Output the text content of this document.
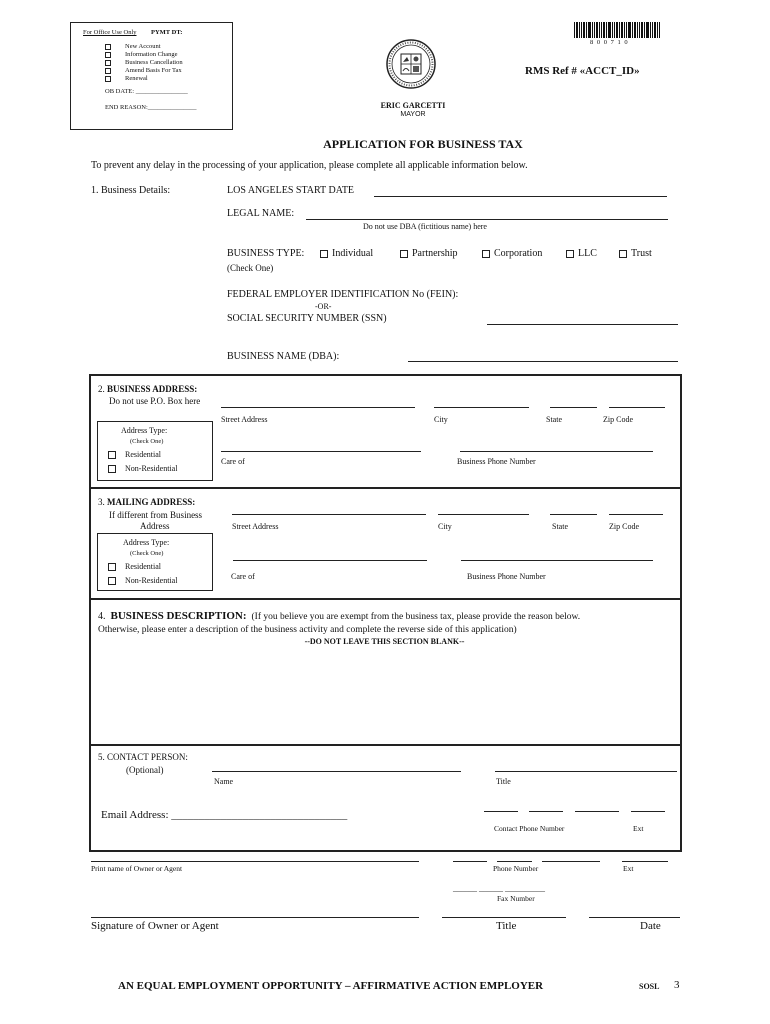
For Office Use Only PYMT DT:
New Account
Information Change
Business Cancellation
Amend Basis For Tax
Renewal
OB DATE: ________________
END REASON:_______________
8 0 0 7 1 0
RMS Ref # «ACCT_ID»
ERIC GARCETTI
MAYOR
APPLICATION FOR BUSINESS TAX
To prevent any delay in the processing of your application, please complete all applicable information below.
1. Business Details:	LOS ANGELES START DATE
LEGAL NAME:
Do not use DBA (fictitious name) here
BUSINESS TYPE:	Individual	Partnership	Corporation	LLC	Trust
(Check One)
FEDERAL EMPLOYER IDENTIFICATION No (FEIN):
-OR-
SOCIAL SECURITY NUMBER (SSN)
BUSINESS NAME (DBA):
2. BUSINESS ADDRESS:
Do not use P.O. Box here
Address Type:
(Check One)
Residential
Non-Residential
Street Address	City	State	Zip Code
Care of	Business Phone Number
3. MAILING ADDRESS:
If different from Business
Address
Address Type:
(Check One)
Residential
Non-Residential
Street Address	City	State	Zip Code
Care of	Business Phone Number
4. BUSINESS DESCRIPTION: (If you believe you are exempt from the business tax, please provide the reason below.
Otherwise, please enter a description of the business activity and complete the reverse side of this application)
--DO NOT LEAVE THIS SECTION BLANK--
5. CONTACT PERSON:
(Optional)
Name	Title
Email Address: ________________________________
Contact Phone Number	Ext
Print name of Owner or Agent	Phone Number	Ext
______ ______ __________
Fax Number
Signature of Owner or Agent	Title	Date
AN EQUAL EMPLOYMENT OPPORTUNITY – AFFIRMATIVE ACTION EMPLOYER	SOSL 3
